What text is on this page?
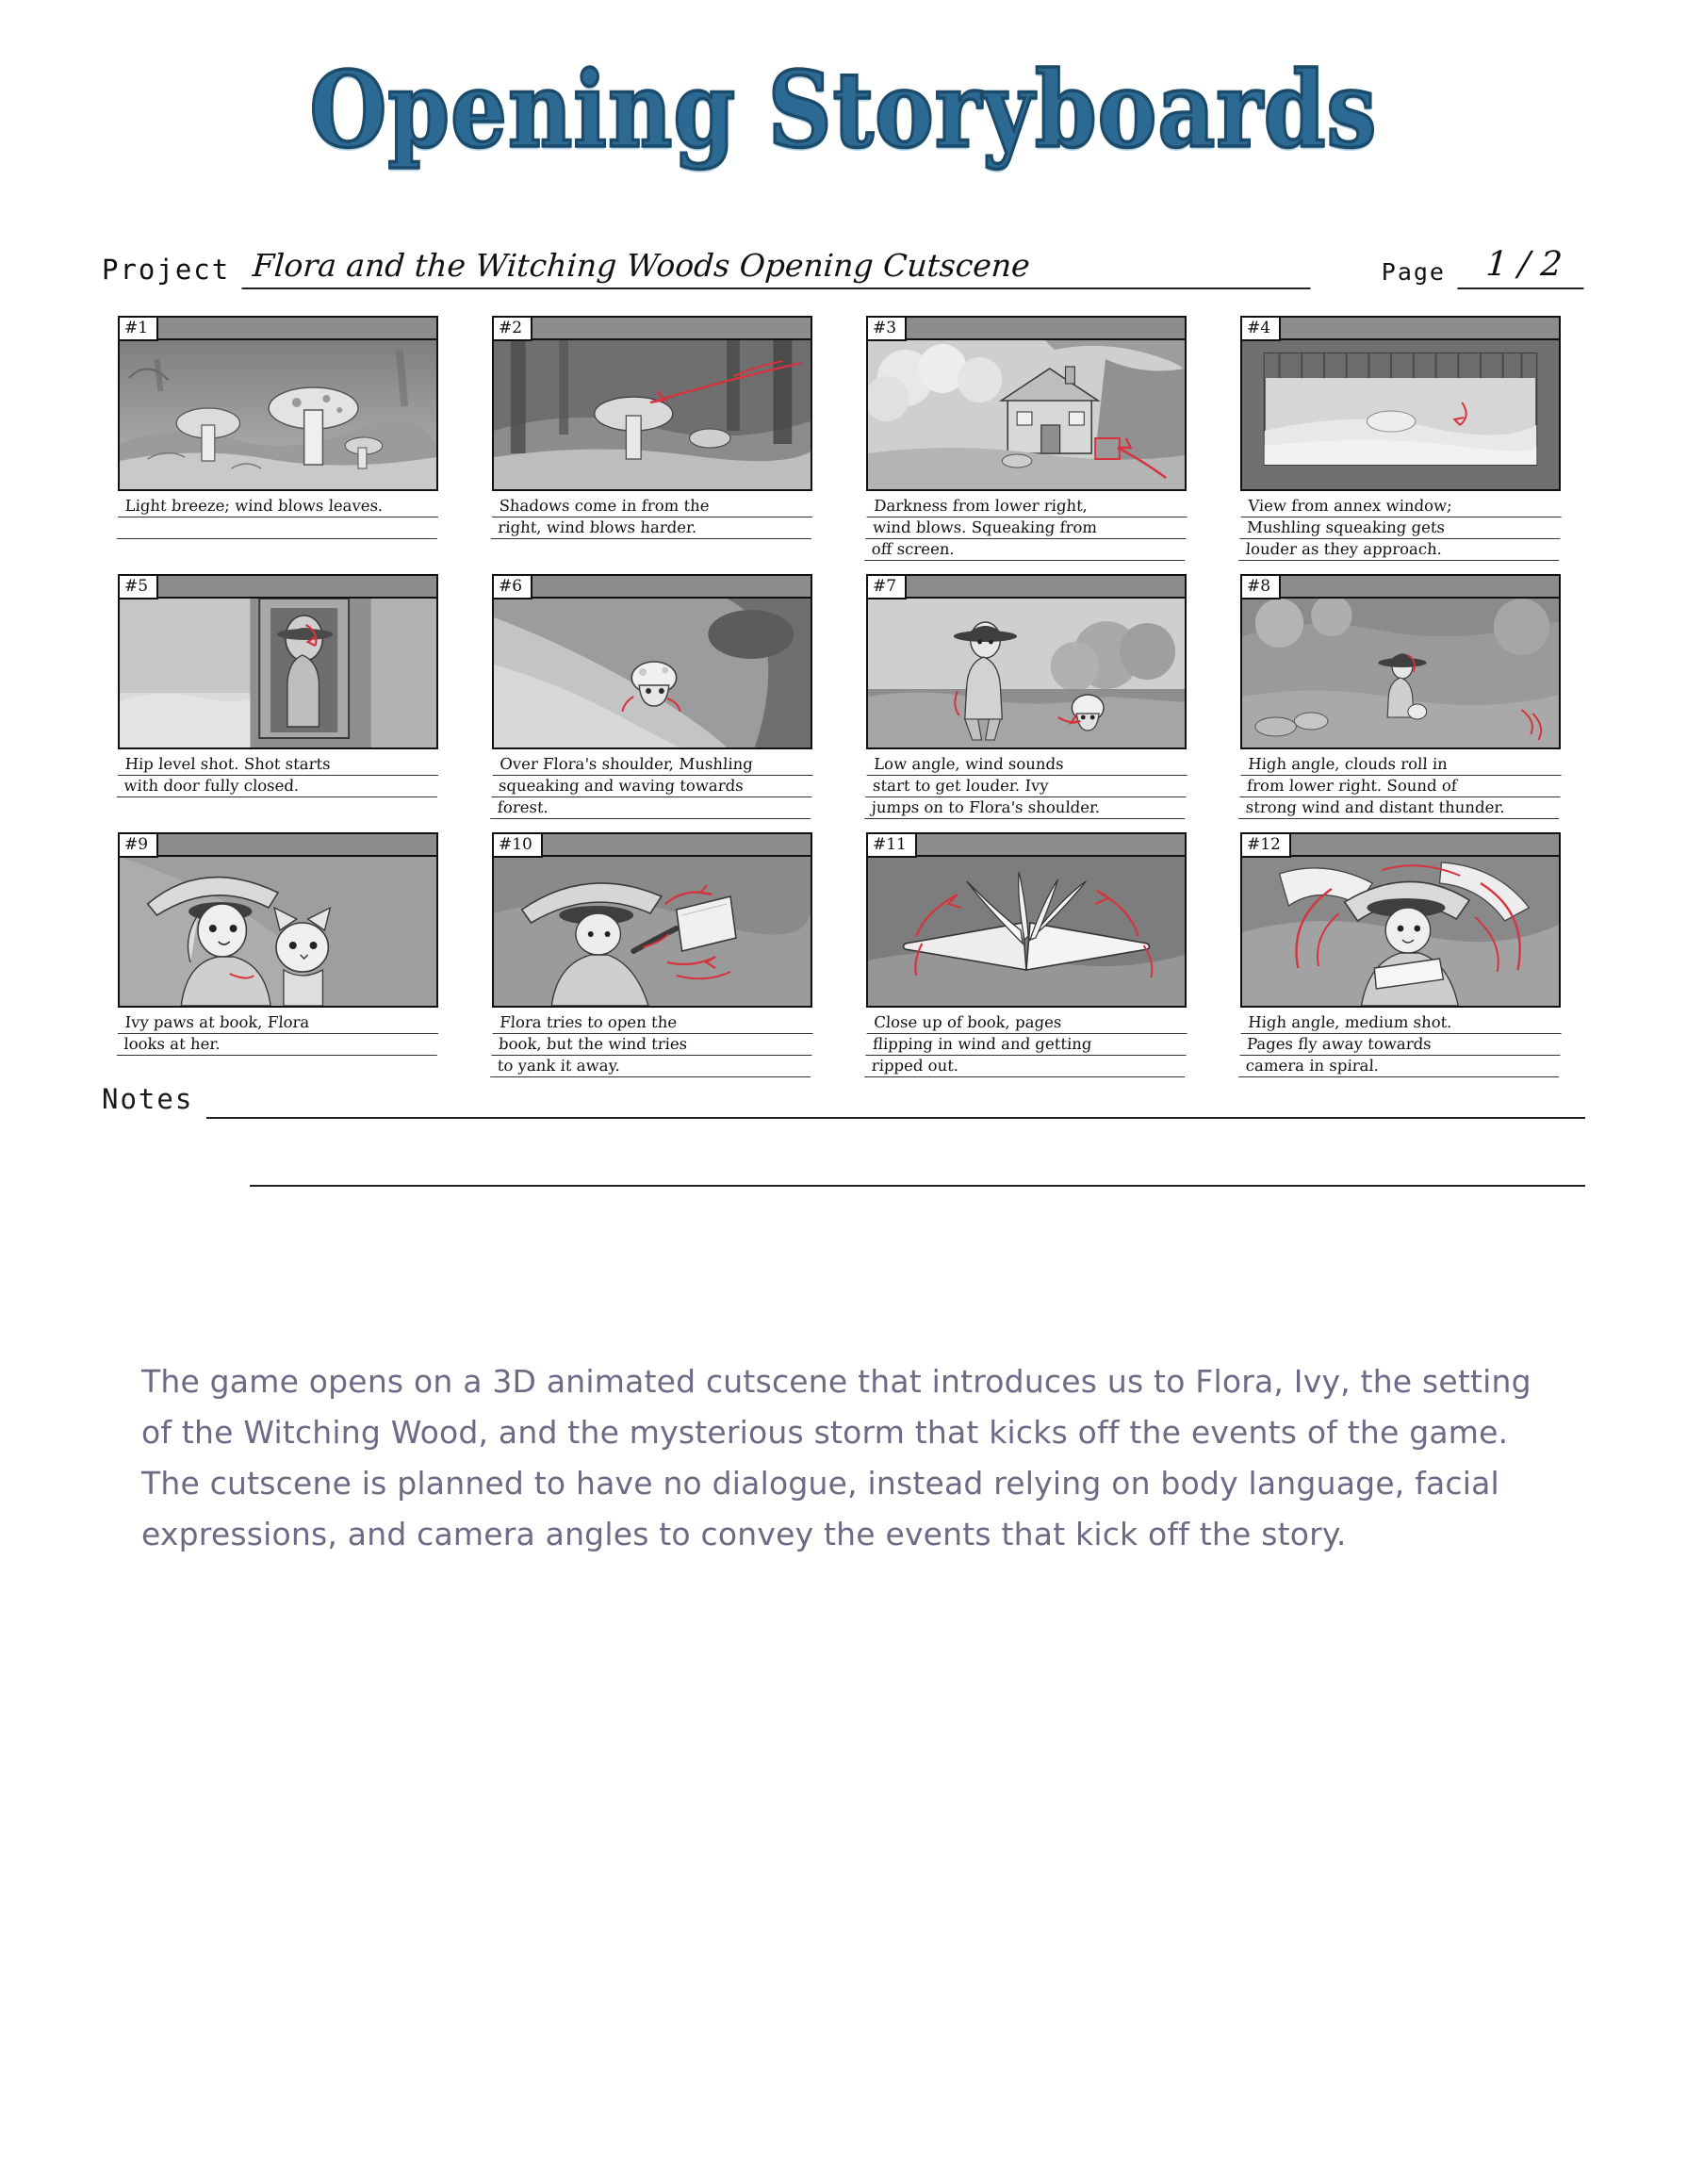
Opening Storyboards
Project Flora and the Witching Woods Opening Cutscene	Page	1 / 2
#1
Light breeze; wind blows leaves.
#2
Shadows come in from the
right, wind blows harder.
#3
Darkness from lower right,
wind blows. Squeaking from
off screen.
#4
View from annex window;
Mushling squeaking gets
louder as they approach.
#5
Hip level shot. Shot starts
with door fully closed.
#6
Over Flora's shoulder, Mushling
squeaking and waving towards
forest.
#7
Low angle, wind sounds
start to get louder. Ivy
jumps on to Flora's shoulder.
#8
High angle, clouds roll in
from lower right. Sound of
strong wind and distant thunder.
#9
Ivy paws at book, Flora
looks at her.
#10
Flora tries to open the
book, but the wind tries
to yank it away.
#11
Close up of book, pages
flipping in wind and getting
ripped out.
#12
High angle, medium shot.
Pages fly away towards
camera in spiral.
Notes
The game opens on a 3D animated cutscene that introduces us to Flora, Ivy, the setting of the Witching Wood, and the mysterious storm that kicks off the events of the game. The cutscene is planned to have no dialogue, instead relying on body language, facial expressions, and camera angles to convey the events that kick off the story.
